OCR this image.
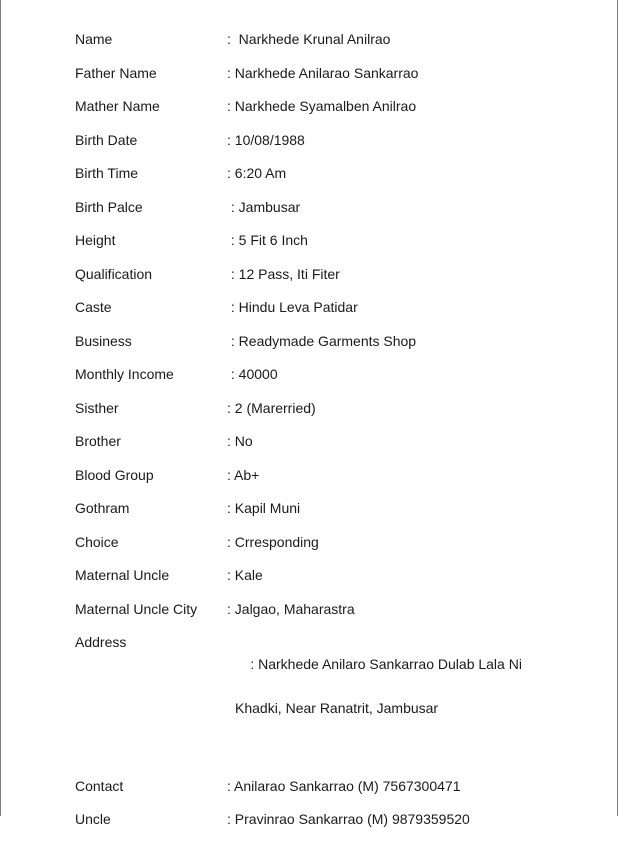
Name	:  Narkhede Krunal Anilrao
Father Name	: Narkhede Anilarao Sankarrao
Mather Name	: Narkhede Syamalben Anilrao
Birth Date	: 10/08/1988
Birth Time	: 6:20 Am
Birth Palce	: Jambusar
Height	: 5 Fit 6 Inch
Qualification	: 12 Pass, Iti Fiter
Caste	: Hindu Leva Patidar
Business	: Readymade Garments Shop
Monthly Income	: 40000
Sisther	: 2 (Marerried)
Brother	: No
Blood Group	: Ab+
Gothram	: Kapil Muni
Choice	: Crresponding
Maternal Uncle	: Kale
Maternal Uncle City	: Jalgao, Maharastra
Address

: Narkhede Anilaro Sankarrao Dulab Lala Ni

Khadki, Near Ranatrit, Jambusar

Contact	: Anilarao Sankarrao (M) 7567300471
Uncle	: Pravinrao Sankarrao (M) 9879359520
